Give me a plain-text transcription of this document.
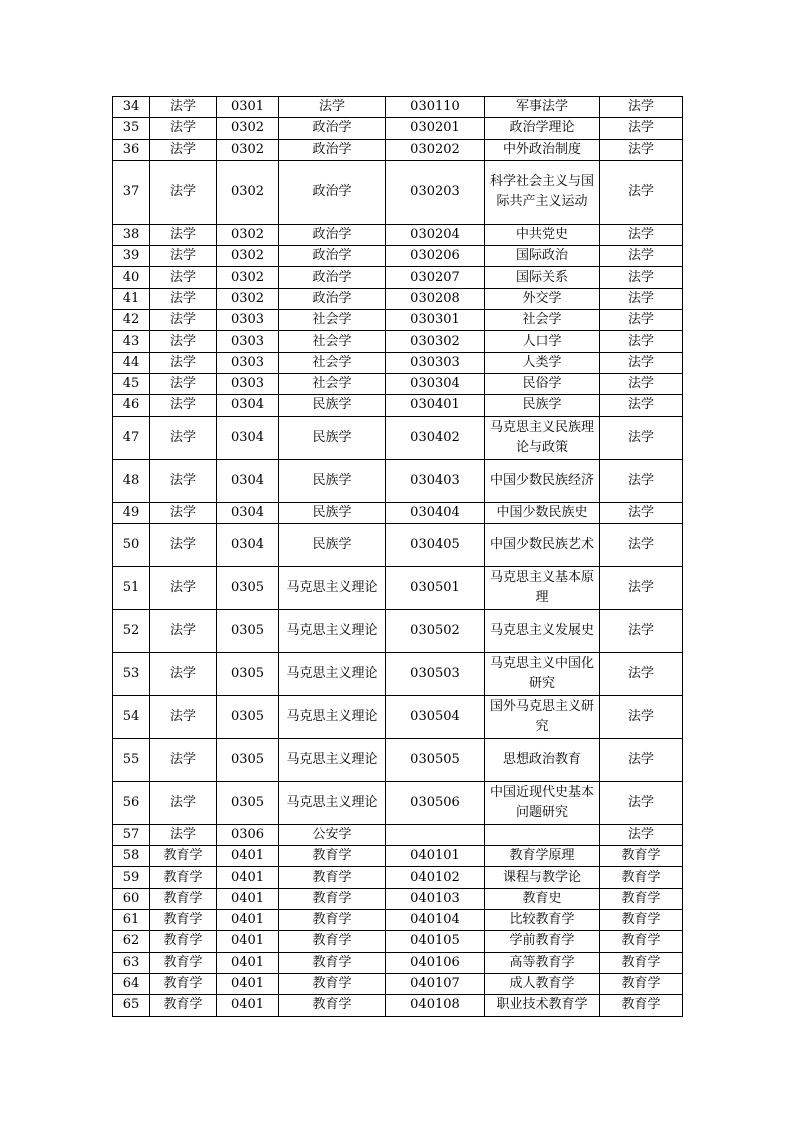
34	法学	0301	法学	030110	军事法学	法学
35	法学	0302	政治学	030201	政治学理论	法学
36	法学	0302	政治学	030202	中外政治制度	法学
37	法学	0302	政治学	030203	科学社会主义与国际共产主义运动	法学
38	法学	0302	政治学	030204	中共党史	法学
39	法学	0302	政治学	030206	国际政治	法学
40	法学	0302	政治学	030207	国际关系	法学
41	法学	0302	政治学	030208	外交学	法学
42	法学	0303	社会学	030301	社会学	法学
43	法学	0303	社会学	030302	人口学	法学
44	法学	0303	社会学	030303	人类学	法学
45	法学	0303	社会学	030304	民俗学	法学
46	法学	0304	民族学	030401	民族学	法学
47	法学	0304	民族学	030402	马克思主义民族理论与政策	法学
48	法学	0304	民族学	030403	中国少数民族经济	法学
49	法学	0304	民族学	030404	中国少数民族史	法学
50	法学	0304	民族学	030405	中国少数民族艺术	法学
51	法学	0305	马克思主义理论	030501	马克思主义基本原理	法学
52	法学	0305	马克思主义理论	030502	马克思主义发展史	法学
53	法学	0305	马克思主义理论	030503	马克思主义中国化研究	法学
54	法学	0305	马克思主义理论	030504	国外马克思主义研究	法学
55	法学	0305	马克思主义理论	030505	思想政治教育	法学
56	法学	0305	马克思主义理论	030506	中国近现代史基本问题研究	法学
57	法学	0306	公安学			法学
58	教育学	0401	教育学	040101	教育学原理	教育学
59	教育学	0401	教育学	040102	课程与教学论	教育学
60	教育学	0401	教育学	040103	教育史	教育学
61	教育学	0401	教育学	040104	比较教育学	教育学
62	教育学	0401	教育学	040105	学前教育学	教育学
63	教育学	0401	教育学	040106	高等教育学	教育学
64	教育学	0401	教育学	040107	成人教育学	教育学
65	教育学	0401	教育学	040108	职业技术教育学	教育学
